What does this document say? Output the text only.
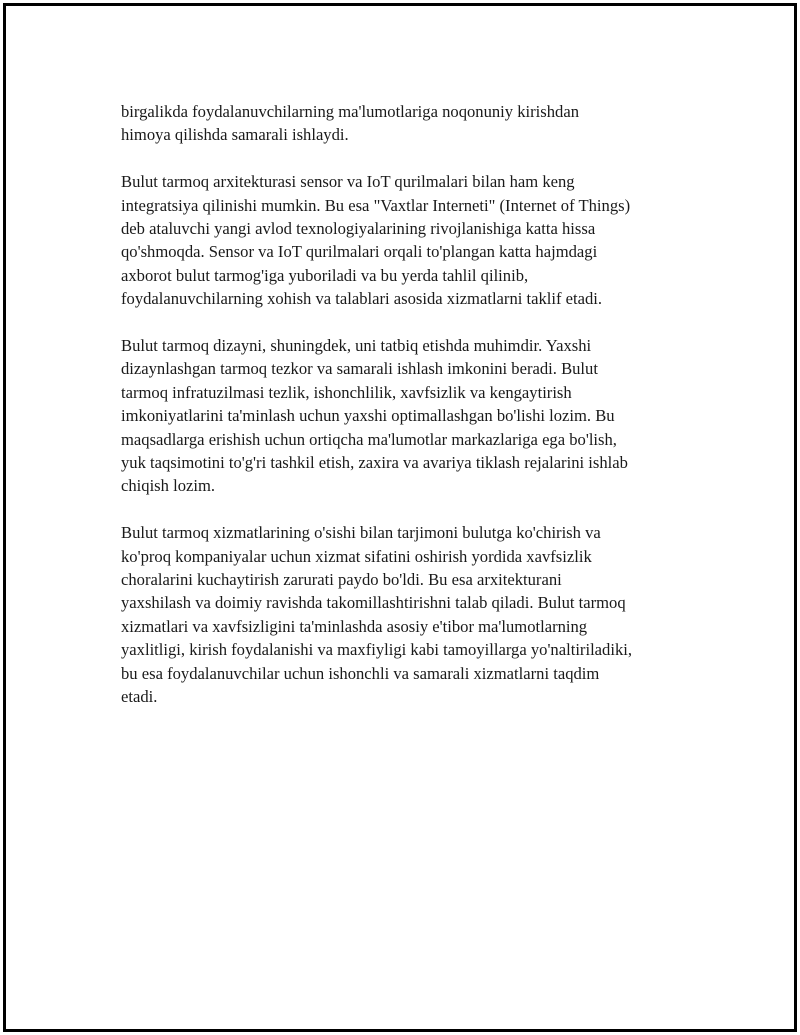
birgalikda foydalanuvchilarning ma'lumotlariga noqonuniy kirishdan
himoya qilishda samarali ishlaydi.

Bulut tarmoq arxitekturasi sensor va IoT qurilmalari bilan ham keng
integratsiya qilinishi mumkin. Bu esa "Vaxtlar Interneti" (Internet of Things)
deb ataluvchi yangi avlod texnologiyalarining rivojlanishiga katta hissa
qo'shmoqda. Sensor va IoT qurilmalari orqali to'plangan katta hajmdagi
axborot bulut tarmog'iga yuboriladi va bu yerda tahlil qilinib,
foydalanuvchilarning xohish va talablari asosida xizmatlarni taklif etadi.

Bulut tarmoq dizayni, shuningdek, uni tatbiq etishda muhimdir. Yaxshi
dizaynlashgan tarmoq tezkor va samarali ishlash imkonini beradi. Bulut
tarmoq infratuzilmasi tezlik, ishonchlilik, xavfsizlik va kengaytirish
imkoniyatlarini ta'minlash uchun yaxshi optimallashgan bo'lishi lozim. Bu
maqsadlarga erishish uchun ortiqcha ma'lumotlar markazlariga ega bo'lish,
yuk taqsimotini to'g'ri tashkil etish, zaxira va avariya tiklash rejalarini ishlab
chiqish lozim.

Bulut tarmoq xizmatlarining o'sishi bilan tarjimoni bulutga ko'chirish va
ko'proq kompaniyalar uchun xizmat sifatini oshirish yordida xavfsizlik
choralarini kuchaytirish zarurati paydo bo'ldi. Bu esa arxitekturani
yaxshilash va doimiy ravishda takomillashtirishni talab qiladi. Bulut tarmoq
xizmatlari va xavfsizligini ta'minlashda asosiy e'tibor ma'lumotlarning
yaxlitligi, kirish foydalanishi va maxfiyligi kabi tamoyillarga yo'naltiriladiki,
bu esa foydalanuvchilar uchun ishonchli va samarali xizmatlarni taqdim
etadi.
